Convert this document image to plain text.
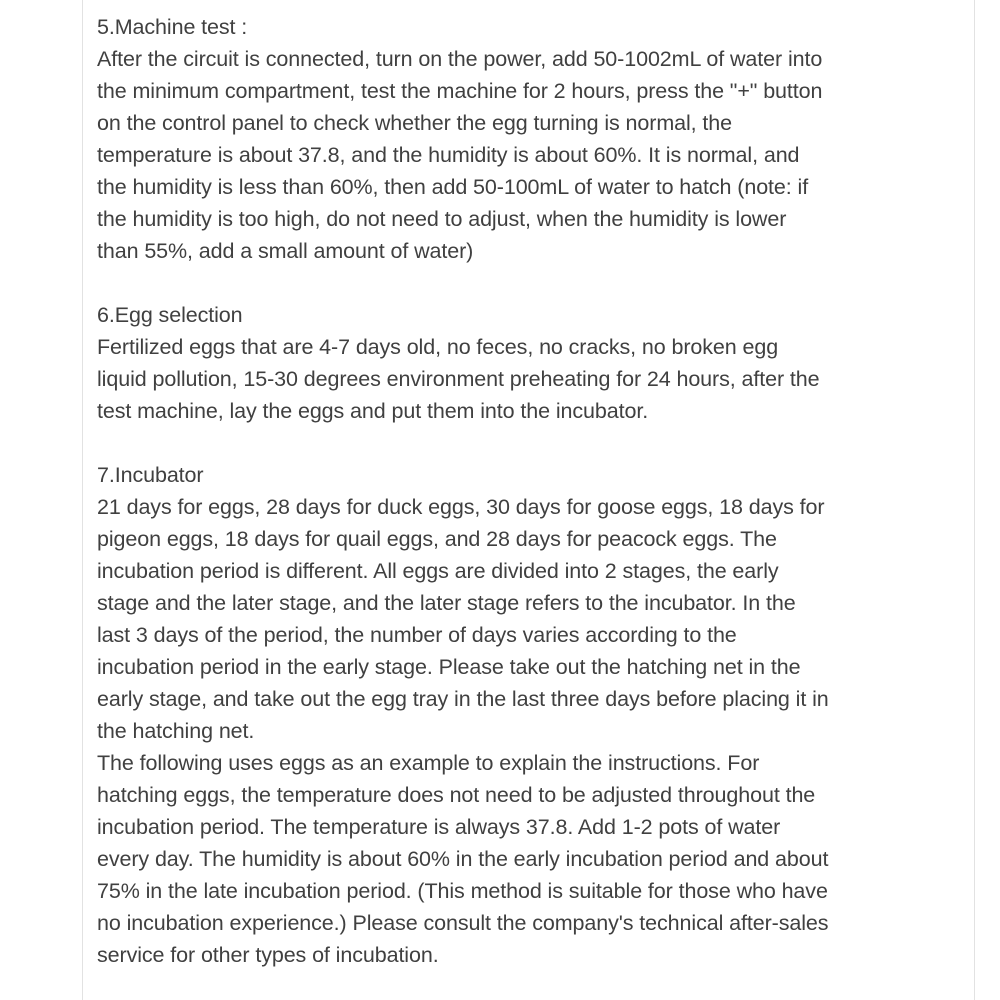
5.Machine test :
After the circuit is connected, turn on the power, add 50-1002mL of water into
the minimum compartment, test the machine for 2 hours, press the "+" button
on the control panel to check whether the egg turning is normal, the
temperature is about 37.8, and the humidity is about 60%. It is normal, and
the humidity is less than 60%, then add 50-100mL of water to hatch (note: if
the humidity is too high, do not need to adjust, when the humidity is lower
than 55%, add a small amount of water)
6.Egg selection
Fertilized eggs that are 4-7 days old, no feces, no cracks, no broken egg
liquid pollution, 15-30 degrees environment preheating for 24 hours, after the
test machine, lay the eggs and put them into the incubator.
7.Incubator
21 days for eggs, 28 days for duck eggs, 30 days for goose eggs, 18 days for
pigeon eggs, 18 days for quail eggs, and 28 days for peacock eggs. The
incubation period is different. All eggs are divided into 2 stages, the early
stage and the later stage, and the later stage refers to the incubator. In the
last 3 days of the period, the number of days varies according to the
incubation period in the early stage. Please take out the hatching net in the
early stage, and take out the egg tray in the last three days before placing it in
the hatching net.
The following uses eggs as an example to explain the instructions. For
hatching eggs, the temperature does not need to be adjusted throughout the
incubation period. The temperature is always 37.8. Add 1-2 pots of water
every day. The humidity is about 60% in the early incubation period and about
75% in the late incubation period. (This method is suitable for those who have
no incubation experience.) Please consult the company's technical after-sales
service for other types of incubation.
